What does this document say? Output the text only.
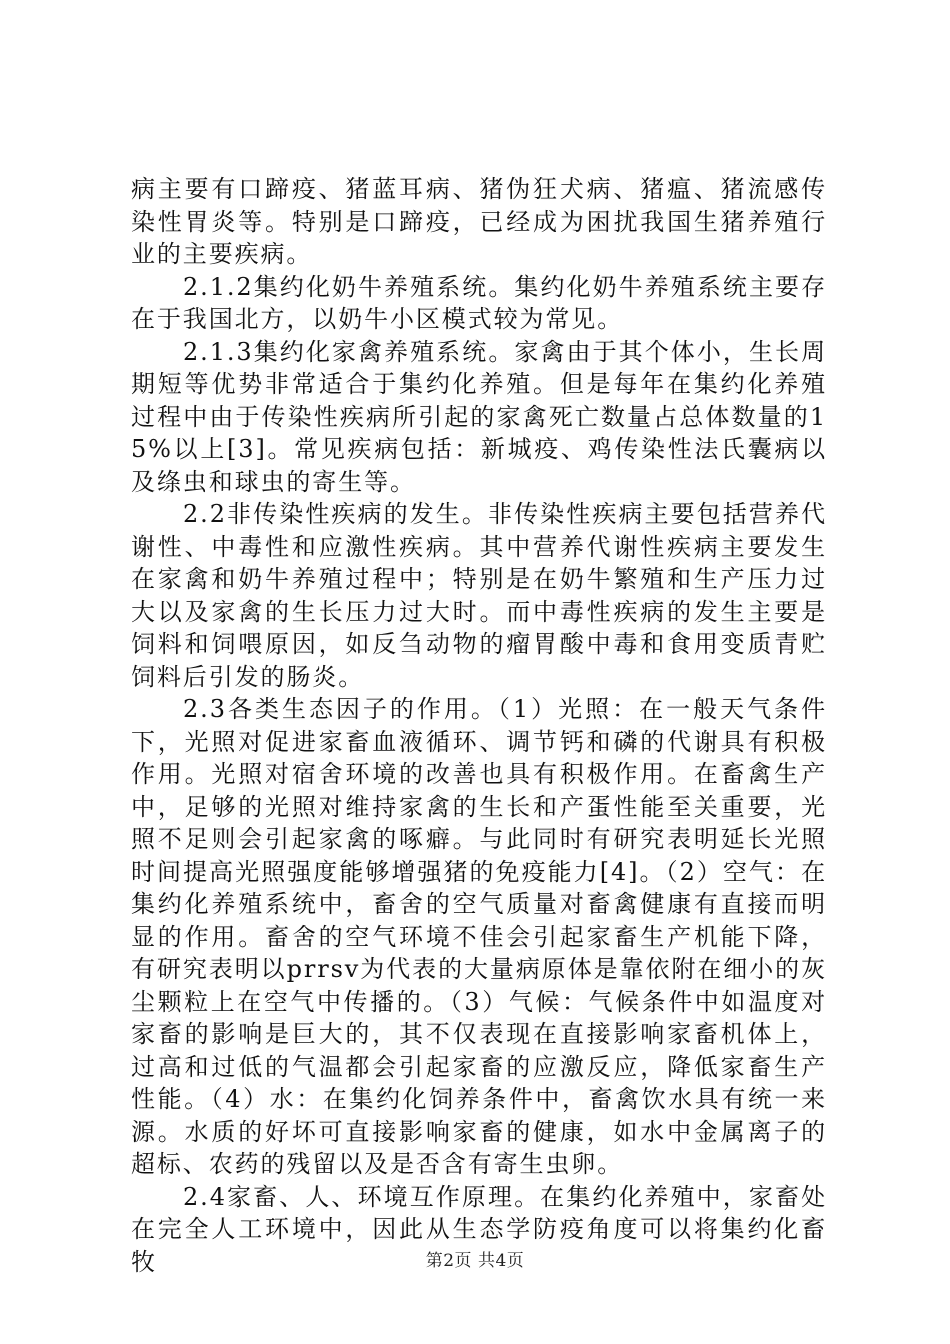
病主要有口蹄疫、猪蓝耳病、猪伪狂犬病、猪瘟、猪流感传染性胃炎等。特别是口蹄疫，已经成为困扰我国生猪养殖行业的主要疾病。

2.1.2集约化奶牛养殖系统。集约化奶牛养殖系统主要存在于我国北方，以奶牛小区模式较为常见。

2.1.3集约化家禽养殖系统。家禽由于其个体小，生长周期短等优势非常适合于集约化养殖。但是每年在集约化养殖过程中由于传染性疾病所引起的家禽死亡数量占总体数量的15%以上[3]。常见疾病包括：新城疫、鸡传染性法氏囊病以及绦虫和球虫的寄生等。

2.2非传染性疾病的发生。非传染性疾病主要包括营养代谢性、中毒性和应激性疾病。其中营养代谢性疾病主要发生在家禽和奶牛养殖过程中；特别是在奶牛繁殖和生产压力过大以及家禽的生长压力过大时。而中毒性疾病的发生主要是饲料和饲喂原因，如反刍动物的瘤胃酸中毒和食用变质青贮饲料后引发的肠炎。

2.3各类生态因子的作用。（1）光照：在一般天气条件下，光照对促进家畜血液循环、调节钙和磷的代谢具有积极作用。光照对宿舍环境的改善也具有积极作用。在畜禽生产中，足够的光照对维持家禽的生长和产蛋性能至关重要，光照不足则会引起家禽的啄癖。与此同时有研究表明延长光照时间提高光照强度能够增强猪的免疫能力[4]。（2）空气：在集约化养殖系统中，畜舍的空气质量对畜禽健康有直接而明显的作用。畜舍的空气环境不佳会引起家畜生产机能下降，有研究表明以prrsv为代表的大量病原体是靠依附在细小的灰尘颗粒上在空气中传播的。（3）气候：气候条件中如温度对家畜的影响是巨大的，其不仅表现在直接影响家畜机体上，过高和过低的气温都会引起家畜的应激反应，降低家畜生产性能。（4）水：在集约化饲养条件中，畜禽饮水具有统一来源。水质的好坏可直接影响家畜的健康，如水中金属离子的超标、农药的残留以及是否含有寄生虫卵。

2.4家畜、人、环境互作原理。在集约化养殖中，家畜处在完全人工环境中，因此从生态学防疫角度可以将集约化畜牧	第2页 共4页
